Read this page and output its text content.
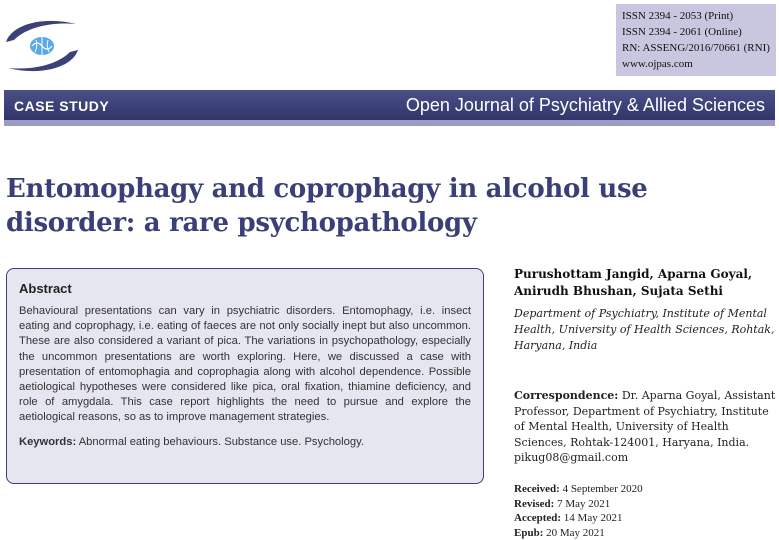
ISSN 2394 - 2053 (Print)
ISSN 2394 - 2061 (Online)
RN: ASSENG/2016/70661 (RNI)
www.ojpas.com
CASE STUDY	Open Journal of Psychiatry & Allied Sciences
Entomophagy and coprophagy in alcohol use disorder: a rare psychopathology
Abstract
Behavioural presentations can vary in psychiatric disorders. Entomophagy, i.e. insect eating and coprophagy, i.e. eating of faeces are not only socially inept but also uncommon. These are also considered a variant of pica. The variations in psychopathology, especially the uncommon presentations are worth exploring. Here, we discussed a case with presentation of entomophagia and coprophagia along with alcohol dependence. Possible aetiological hypotheses were considered like pica, oral fixation, thiamine deficiency, and role of amygdala. This case report highlights the need to pursue and explore the aetiological reasons, so as to improve management strategies.
Keywords: Abnormal eating behaviours. Substance use. Psychology.
Purushottam Jangid, Aparna Goyal, Anirudh Bhushan, Sujata Sethi
Department of Psychiatry, Institute of Mental Health, University of Health Sciences, Rohtak, Haryana, India
Correspondence: Dr. Aparna Goyal, Assistant Professor, Department of Psychiatry, Institute of Mental Health, University of Health Sciences, Rohtak-124001, Haryana, India.
pikug08@gmail.com
Received: 4 September 2020
Revised: 7 May 2021
Accepted: 14 May 2021
Epub: 20 May 2021
